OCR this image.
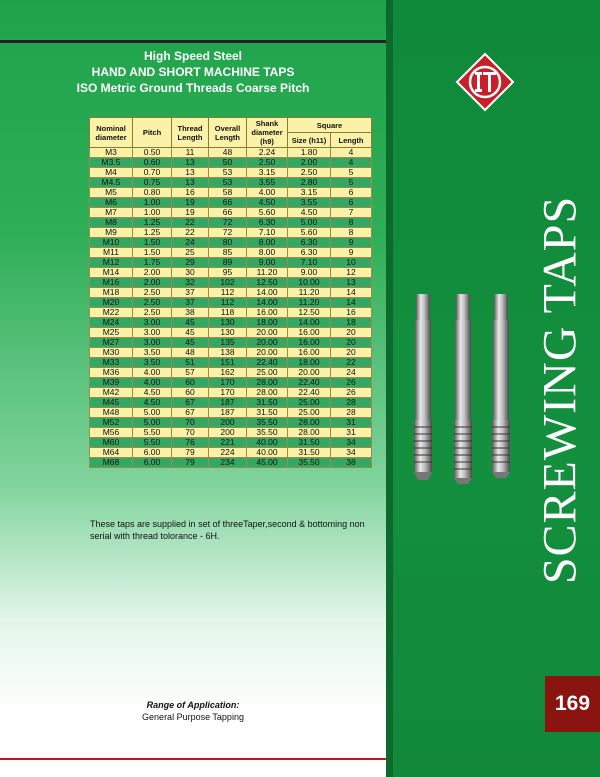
High Speed Steel
HAND AND SHORT MACHINE TAPS
ISO Metric Ground Threads Coarse Pitch
Nominal diameter	Pitch	Thread Length	Overall Length	Shank diameter (h9)	Square	
					Size (h11)	Length
M3	0.50	11	48	2.24	1.80	4
M3.5	0.60	13	50	2.50	2.00	4
M4	0.70	13	53	3.15	2.50	5
M4.5	0.75	13	53	3.55	2.80	5
M5	0.80	16	58	4.00	3.15	6
M6	1.00	19	66	4.50	3.55	6
M7	1.00	19	66	5.60	4.50	7
M8	1.25	22	72	6.30	5.00	8
M9	1.25	22	72	7.10	5.60	8
M10	1.50	24	80	8.00	6.30	9
M11	1.50	25	85	8.00	6.30	9
M12	1.75	29	89	9.00	7.10	10
M14	2.00	30	95	11.20	9.00	12
M16	2.00	32	102	12.50	10.00	13
M18	2.50	37	112	14.00	11.20	14
M20	2.50	37	112	14.00	11.20	14
M22	2.50	38	118	16.00	12.50	16
M24	3.00	45	130	18.00	14.00	18
M25	3.00	45	130	20.00	16.00	20
M27	3.00	45	135	20.00	16.00	20
M30	3.50	48	138	20.00	16.00	20
M33	3.50	51	151	22.40	18.00	22
M36	4.00	57	162	25.00	20.00	24
M39	4.00	60	170	28.00	22.40	26
M42	4.50	60	170	28.00	22.40	26
M45	4.50	67	187	31.50	25.00	28
M48	5.00	67	187	31.50	25.00	28
M52	5.00	70	200	35.50	28.00	31
M56	5.50	70	200	35.50	28.00	31
M60	5.50	76	221	40.00	31.50	34
M64	6.00	79	224	40.00	31.50	34
M68	6.00	79	234	45.00	35.50	38	SCREWING TAPS
169
These taps are supplied in set of threeTaper,second & bottoming non serial with thread tolorance - 6H.
Range of Application:
General Purpose Tapping
